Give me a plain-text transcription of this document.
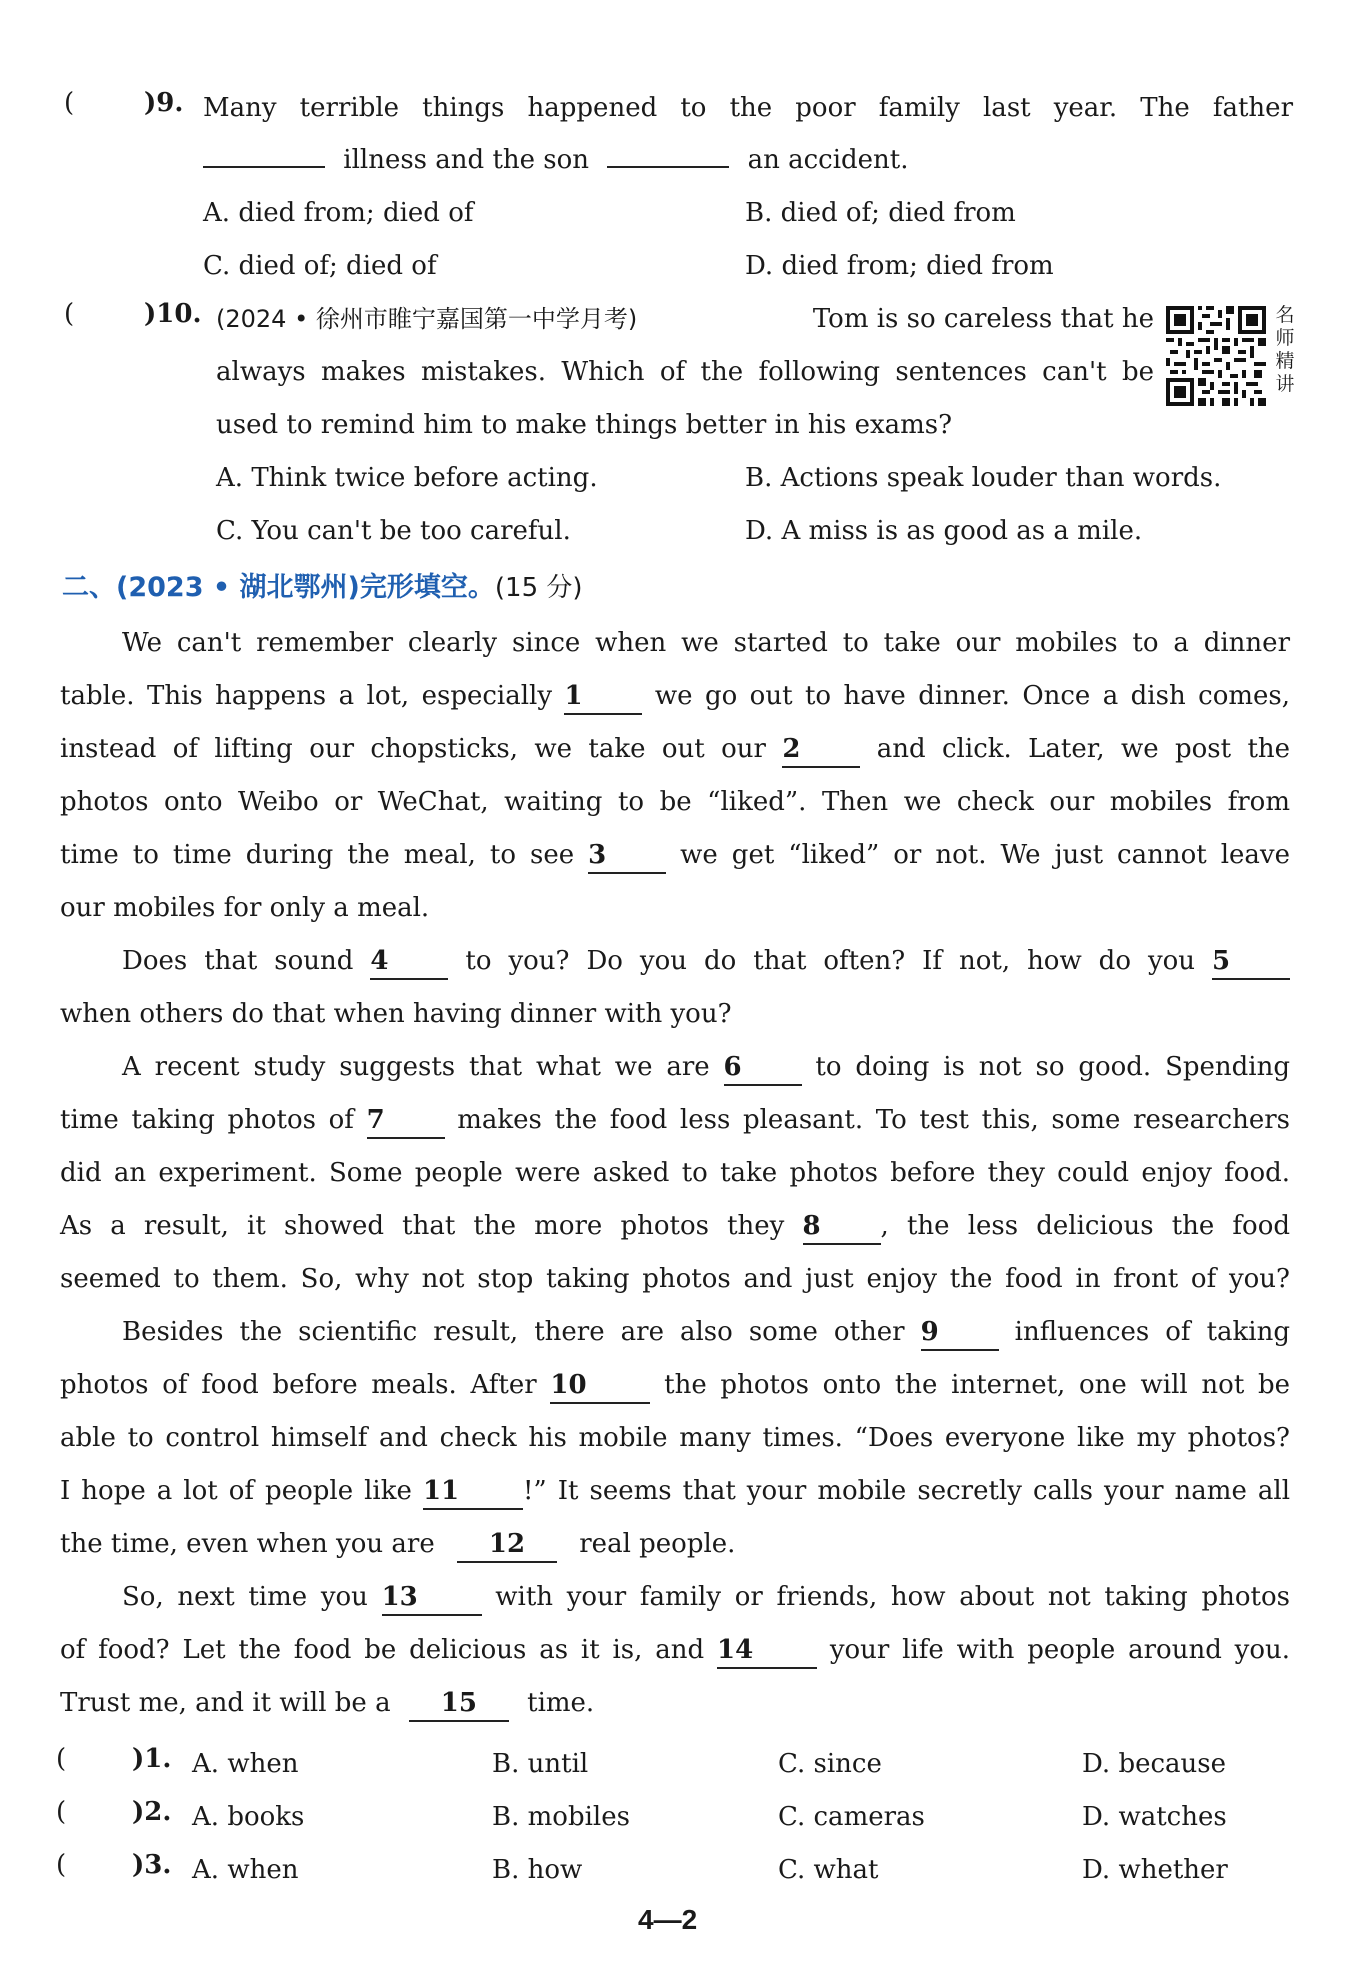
(	)9. Many terrible things happened to the poor family last year. The father
illness and the son	an accident.
A. died from; died of	B. died of; died from
C. died of; died of	D. died from; died from
(	)10. (2024 • 徐州市睢宁嘉国第一中学月考)	Tom is so careless that he
always makes mistakes. Which of the following sentences can't be
used to remind him to make things better in his exams?
名
师
精
讲
A. Think twice before acting.	B. Actions speak louder than words.
C. You can't be too careful.	D. A miss is as good as a mile.
二、(2023 • 湖北鄂州)完形填空。(15 分)
We can't remember clearly since when we started to take our mobiles to a dinner
table. This happens a lot, especially 1	we go out to have dinner. Once a dish comes,
instead of lifting our chopsticks, we take out our 2	and click. Later, we post the
photos onto Weibo or WeChat, waiting to be “liked”. Then we check our mobiles from
time to time during the meal, to see 3	we get “liked” or not. We just cannot leave
our mobiles for only a meal.
Does that sound 4	to you? Do you do that often? If not, how do you 5
when others do that when having dinner with you?
A recent study suggests that what we are 6	to doing is not so good. Spending
time taking photos of 7	makes the food less pleasant. To test this, some researchers
did an experiment. Some people were asked to take photos before they could enjoy food.
As a result, it showed that the more photos they 8 , the less delicious the food
seemed to them. So, why not stop taking photos and just enjoy the food in front of you?
Besides the scientific result, there are also some other 9	influences of taking
photos of food before meals. After 10	the photos onto the internet, one will not be
able to control himself and check his mobile many times. “Does everyone like my photos?
I hope a lot of people like 11 !” It seems that your mobile secretly calls your name all
the time, even when you are 12 real people.
So, next time you 13	with your family or friends, how about not taking photos
of food? Let the food be delicious as it is, and 14	your life with people around you.
Trust me, and it will be a 15 time.
(	)1. A. when	B. until	C. since	D. because
(	)2. A. books	B. mobiles	C. cameras	D. watches
(	)3. A. when	B. how	C. what	D. whether
4—2
